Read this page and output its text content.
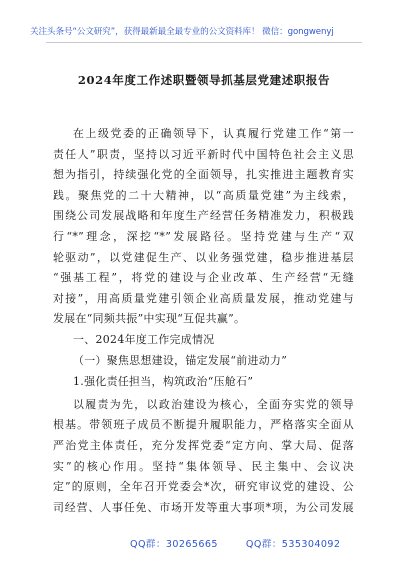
关注头条号“公文研究”，获得最新最全最专业的公文资料库！ 微信：gongwenyj
2024年度工作述职暨领导抓基层党建述职报告
在上级党委的正确领导下，认真履行党建工作“第一
责任人”职责，坚持以习近平新时代中国特色社会主义思
想为指引，持续强化党的全面领导，扎实推进主题教育实
践。聚焦党的二十大精神，以“高质量党建”为主线索，
围绕公司发展战略和年度生产经营任务精准发力，积极践
行“*”理念，深挖“*”发展路径。坚持党建与生产“双
轮驱动”，以党建促生产、以业务强党建，稳步推进基层
“强基工程”，将党的建设与企业改革、生产经营“无缝
对接”，用高质量党建引领企业高质量发展，推动党建与
发展在“同频共振”中实现“互促共赢”。
一、2024年度工作完成情况
（一）聚焦思想建设，锚定发展“前进动力”
1.强化责任担当，构筑政治“压舱石”
以履责为先，以政治建设为核心，全面夯实党的领导
根基。带领班子成员不断提升履职能力，严格落实全面从
严治党主体责任，充分发挥党委“定方向、掌大局、促落
实”的核心作用。坚持“集体领导、民主集中、会议决
定”的原则，全年召开党委会*次，研究审议党的建设、公
司经营、人事任免、市场开发等重大事项*项，为公司发展
QQ群：30265665	QQ群：535304092
